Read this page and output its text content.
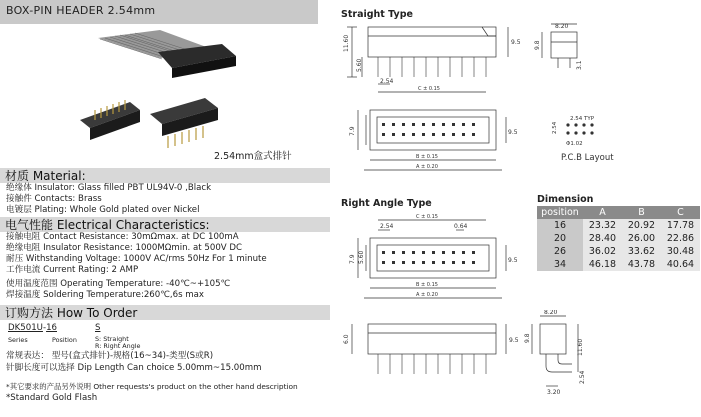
BOX-PIN HEADER 2.54mm
2.54mm盒式排针
材质 Material:
绝缘体 Insulator: Glass filled PBT UL94V-0 ,Black
接触件 Contacts: Brass
电镀层 Plating: Whole Gold plated over Nickel
电气性能 Electrical Characteristics:
接触电阻 Contact Resistance: 30mΩmax. at DC 100mA
绝缘电阻 Insulator Resistance: 1000MΩmin. at 500V DC
耐压 Withstanding Voltage: 1000V AC/rms 50Hz For 1 minute
工作电流 Current Rating: 2 AMP
使用温度范围 Operating Temperature: -40℃~+105℃
焊接温度 Soldering Temperature:260℃,6s max
订购方法 How To Order
DK501U-16	S
Series	Position	S: Straight
R: Right Angle
常规表达： 型号(盒式排针)-规格(16~34)-类型(S或R)
针脚长度可以选择 Dip Length Can choice 5.00mm~15.00mm
*其它要求的产品另外说明 Other requests's product on the other hand description
*Standard Gold Flash
Straight Type
11.60
5.60
9.5
2.54
C ± 0.15
7.9	9.5
B ± 0.15
A ± 0.20
8.20
9.8
3.1
2.54 TYP
2.54
Φ1.02
P.C.B Layout
Right Angle Type
C ± 0.15
2.54	0.64
7.9 5.60	9.5
B ± 0.15
A ± 0.20
6.0	9.5
8.20
9.8
11.60
2.54
3.20
Dimension
position	A	B	C
16	23.32	20.92	17.78
20	28.40	26.00	22.86
26	36.02	33.62	30.48
34	46.18	43.78	40.64
